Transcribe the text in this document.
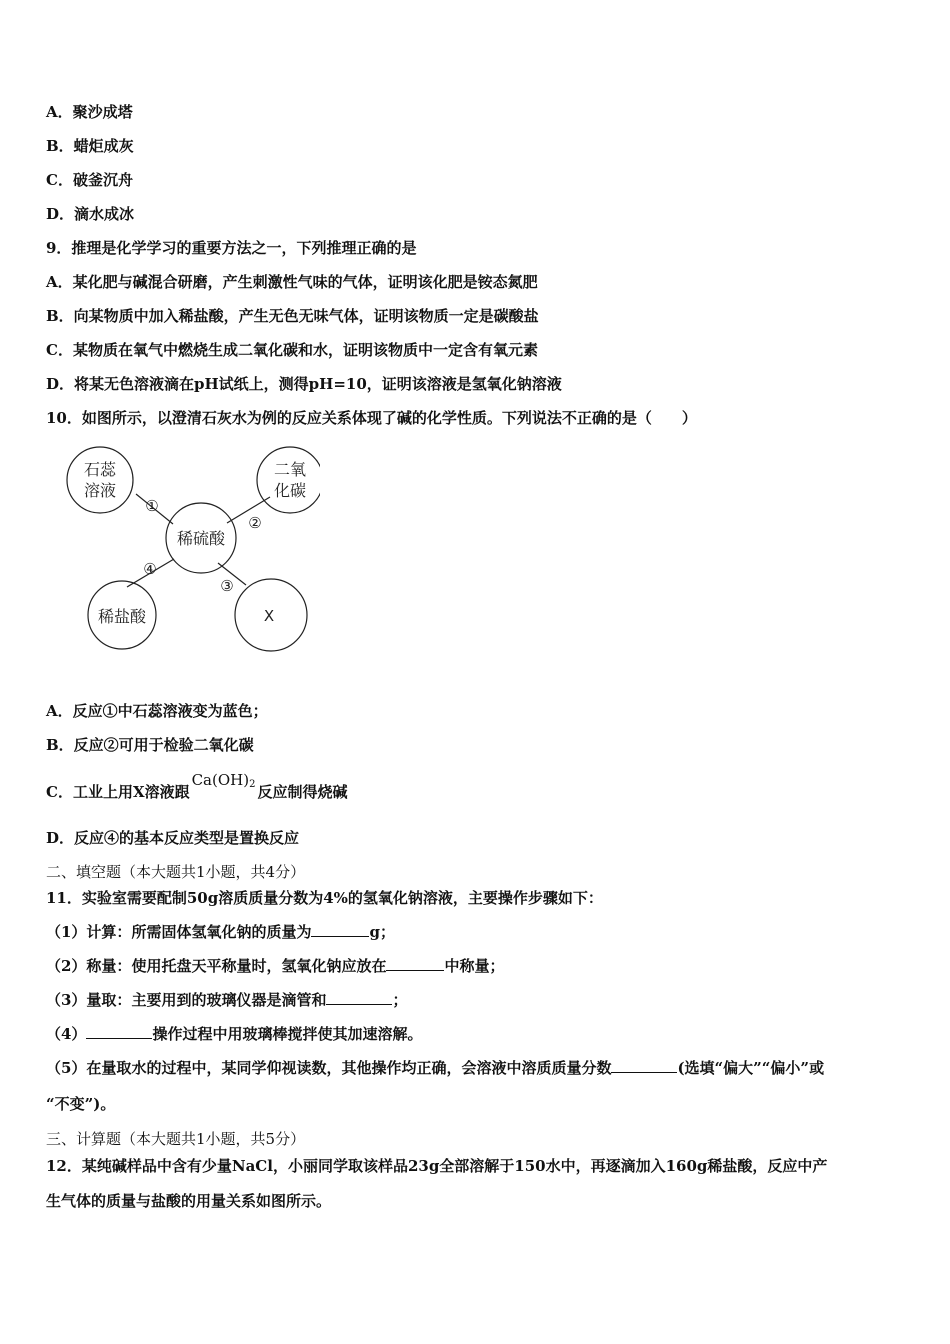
A．聚沙成塔
B．蜡炬成灰
C．破釜沉舟
D．滴水成冰
9．推理是化学学习的重要方法之一，下列推理正确的是
A．某化肥与碱混合研磨，产生刺激性气味的气体，证明该化肥是铵态氮肥
B．向某物质中加入稀盐酸，产生无色无味气体，证明该物质一定是碳酸盐
C．某物质在氧气中燃烧生成二氧化碳和水，证明该物质中一定含有氧元素
D．将某无色溶液滴在pH试纸上，测得pH=10，证明该溶液是氢氧化钠溶液
10．如图所示，以澄清石灰水为例的反应关系体现了碱的化学性质。下列说法不正确的是（　　）
石蕊
溶液
二氧
化碳
稀硫酸
稀盐酸	X
①
②
③
④
A．反应①中石蕊溶液变为蓝色；
B．反应②可用于检验二氧化碳
C．工业上用X溶液跟$Ca(OH)_2$ 反应制得烧碱
D．反应④的基本反应类型是置换反应
二、填空题（本大题共1小题，共4分）
11．实验室需要配制50g溶质质量分数为4%的氢氧化钠溶液，主要操作步骤如下：
（1）计算：所需固体氢氧化钠的质量为	g；
（2）称量：使用托盘天平称量时，氢氧化钠应放在	中称量；
（3）量取：主要用到的玻璃仪器是滴管和	；
（4）	操作过程中用玻璃棒搅拌使其加速溶解。
（5）在量取水的过程中，某同学仰视读数，其他操作均正确，会溶液中溶质质量分数	(选填“偏大”“偏小”或
“不变”)。
三、计算题（本大题共1小题，共5分）
12．某纯碱样品中含有少量NaCl，小丽同学取该样品23g全部溶解于150水中，再逐滴加入160g稀盐酸，反应中产
生气体的质量与盐酸的用量关系如图所示。
